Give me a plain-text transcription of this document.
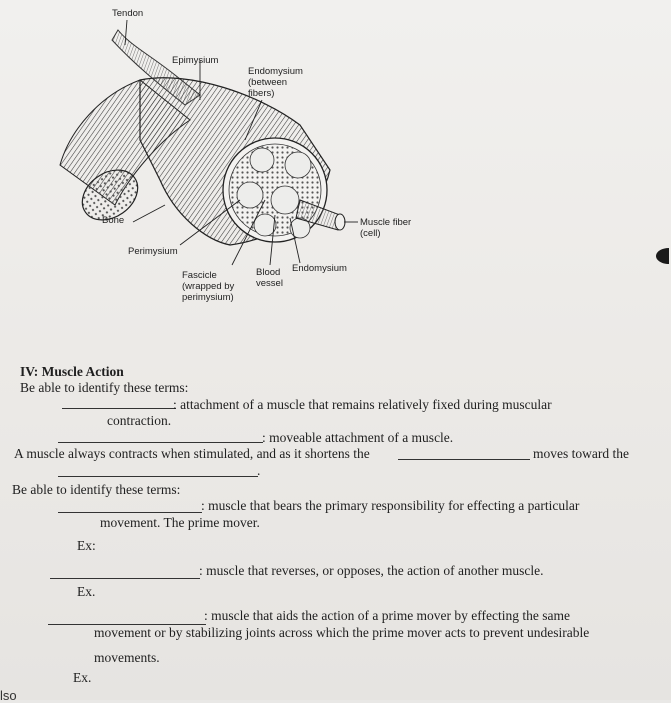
Tendon
Epimysium
Endomysium
(between
fibers)
Bone	Muscle fiber
(cell)
Perimysium
Fascicle
(wrapped by
perimysium)
Blood
vessel
Endomysium
IV: Muscle Action
Be able to identify these terms:
: attachment of a muscle that remains relatively fixed during muscular
contraction.
: moveable attachment of a muscle.
A muscle always contracts when stimulated, and as it shortens the	moves toward the
.
Be able to identify these terms:
: muscle that bears the primary responsibility for effecting a particular
movement. The prime mover.
Ex:
: muscle that reverses, or opposes, the action of another muscle.
Ex.
: muscle that aids the action of a prime mover by effecting the same
movement or by stabilizing joints across which the prime mover acts to prevent undesirable
movements.
Ex.
lso
